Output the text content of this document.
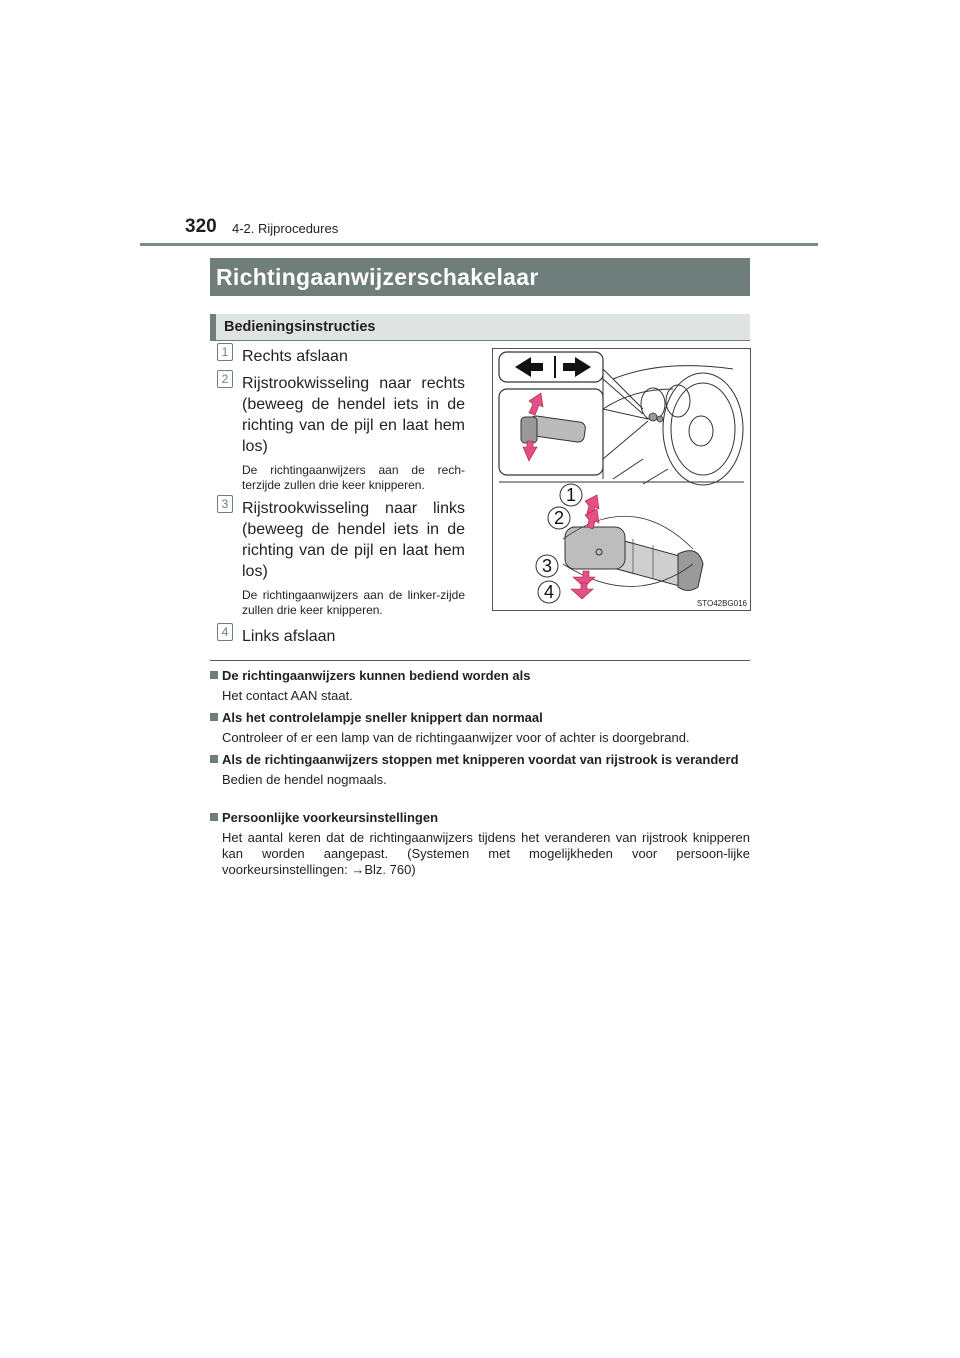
320 4-2. Rijprocedures
Richtingaanwijzerschakelaar
Bedieningsinstructies
1 Rechts afslaan
2 Rijstrookwisseling naar rechts (beweeg de hendel iets in de richting van de pijl en laat hem los)
De richtingaanwijzers aan de rech-terzijde zullen drie keer knipperen.
3 Rijstrookwisseling naar links (beweeg de hendel iets in de richting van de pijl en laat hem los)
De richtingaanwijzers aan de linker-zijde zullen drie keer knipperen.
4 Links afslaan
1
2
3
4
STO42BG016
De richtingaanwijzers kunnen bediend worden als
Het contact AAN staat.
Als het controlelampje sneller knippert dan normaal
Controleer of er een lamp van de richtingaanwijzer voor of achter is doorgebrand.
Als de richtingaanwijzers stoppen met knipperen voordat van rijstrook is veranderd
Bedien de hendel nogmaals.
Persoonlijke voorkeursinstellingen
Het aantal keren dat de richtingaanwijzers tijdens het veranderen van rijstrook knipperen kan worden aangepast. (Systemen met mogelijkheden voor persoon-lijke voorkeursinstellingen: →Blz. 760)
